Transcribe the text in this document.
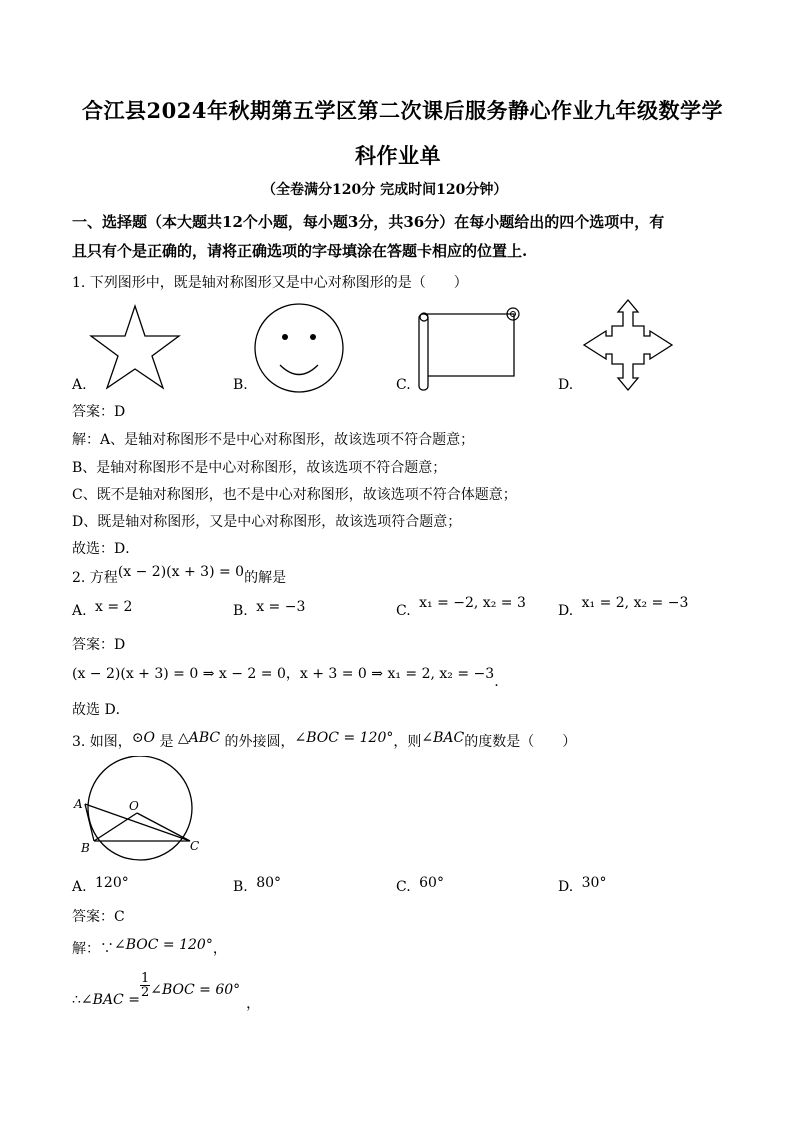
合江县2024年秋期第五学区第二次课后服务静心作业九年级数学学
科作业单
（全卷满分120分 完成时间120分钟）
一、选择题（本大题共12个小题，每小题3分，共36分）在每小题给出的四个选项中，有
且只有个是正确的，请将正确选项的字母填涂在答题卡相应的位置上.
1. 下列图形中，既是轴对称图形又是中心对称图形的是（　　）
A.	B.	C.	D.
答案：D
解：A、是轴对称图形不是中心对称图形，故该选项不符合题意；
B、是轴对称图形不是中心对称图形，故该选项不符合题意；
C、既不是轴对称图形，也不是中心对称图形，故该选项不符合体题意；
D、既是轴对称图形，又是中心对称图形，故该选项符合题意；
故选：D．
2. 方程(x − 2)(x + 3) = 0的解是
A. x = 2	B. x = −3	C. x₁ = −2, x₂ = 3 D. x₁ = 2, x₂ = −3
答案：D
(x − 2)(x + 3) = 0 ⇒ x − 2 = 0，x + 3 = 0 ⇒ x₁ = 2, x₂ = −3.
故选 D．
3. 如图，⊙O 是 △ABC 的外接圆，∠BOC = 120°，则∠BAC的度数是（　　）
A
B	C
O
A. 120°	B. 80°	C. 60°	D. 30°
答案：C
解：∵∠BOC = 120°，
∴∠BAC =
$\frac{1}{2}$ ∠BOC = 60°，
